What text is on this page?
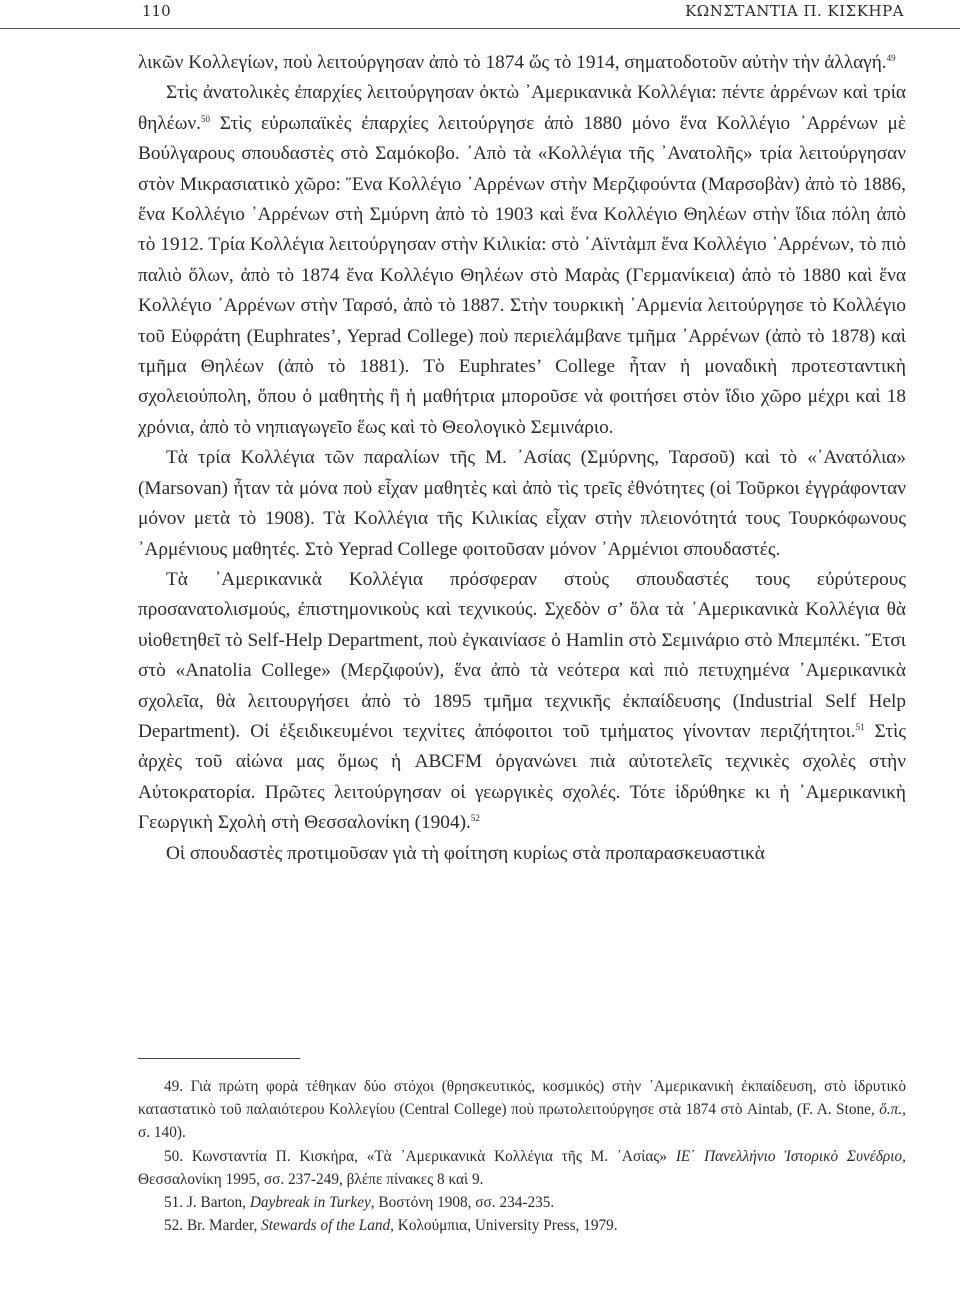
110	ΚΩΝΣΤΑΝΤΙΑ Π. ΚΙΣΚΗΡΑ

λικῶν Κολλεγίων, ποὺ λειτούργησαν ἀπὸ τὸ 1874 ὥς τὸ 1914, σηματοδοτοῦν αὐτὴν τὴν ἀλλαγή.$^{49}$

Στὶς ἀνατολικὲς ἐπαρχίες λειτούργησαν ὀκτὼ ᾿Αμερικανικὰ Κολλέγια: πέντε ἀρρένων καὶ τρία θηλέων.$^{50}$ Στὶς εὐρωπαϊκὲς ἐπαρχίες λειτούργησε ἀπὸ 1880 μόνο ἕνα Κολλέγιο ᾿Αρρένων μὲ Βούλγαρους σπουδαστὲς στὸ Σαμόκοβο. ᾿Απὸ τὰ «Κολλέγια τῆς ᾿Ανατολῆς» τρία λειτούργησαν στὸν Μικρασιατικὸ χῶρο: Ἕνα Κολλέγιο ᾿Αρρένων στὴν Μερζιφούντα (Μαρσοβὰν) ἀπὸ τὸ 1886, ἕνα Κολλέγιο ᾿Αρρένων στὴ Σμύρνη ἀπὸ τὸ 1903 καὶ ἕνα Κολλέγιο Θηλέων στὴν ἴδια πόλη ἀπὸ τὸ 1912. Τρία Κολλέγια λειτούργησαν στὴν Κιλικία: στὸ ᾿Αϊντὰμπ ἕνα Κολλέγιο ᾿Αρρένων, τὸ πιὸ παλιὸ ὅλων, ἀπὸ τὸ 1874 ἕνα Κολλέγιο Θηλέων στὸ Μαρὰς (Γερμανίκεια) ἀπὸ τὸ 1880 καὶ ἕνα Κολλέγιο ᾿Αρρένων στὴν Ταρσό, ἀπὸ τὸ 1887. Στὴν τουρκικὴ ᾿Αρμενία λειτούργησε τὸ Κολλέγιο τοῦ Εὐφράτη (Euphrates’, Yeprad College) ποὺ περιελάμβανε τμῆμα ᾿Αρρένων (ἀπὸ τὸ 1878) καὶ τμῆμα Θηλέων (ἀπὸ τὸ 1881). Τὸ Euphrates’ College ἦταν ἡ μοναδικὴ προτεσταντικὴ σχολειούπολη, ὅπου ὁ μαθητὴς ἢ ἡ μαθήτρια μποροῦσε νὰ φοιτήσει στὸν ἴδιο χῶρο μέχρι καὶ 18 χρόνια, ἀπὸ τὸ νηπιαγωγεῖο ἕως καὶ τὸ Θεολογικὸ Σεμινάριο.

Τὰ τρία Κολλέγια τῶν παραλίων τῆς Μ. ᾿Ασίας (Σμύρνης, Ταρσοῦ) καὶ τὸ «᾿Ανατόλια» (Marsovan) ἦταν τὰ μόνα ποὺ εἶχαν μαθητὲς καὶ ἀπὸ τὶς τρεῖς ἐθνότητες (οἱ Τοῦρκοι ἐγγράφονταν μόνον μετὰ τὸ 1908). Τὰ Κολλέγια τῆς Κιλικίας εἶχαν στὴν πλειονότητά τους Τουρκόφωνους ᾿Αρμένιους μαθητές. Στὸ Yeprad College φοιτοῦσαν μόνον ᾿Αρμένιοι σπουδαστές.

Τὰ ᾿Αμερικανικὰ Κολλέγια πρόσφεραν στοὺς σπουδαστές τους εὐρύτερους προσανατολισμούς, ἐπιστημονικοὺς καὶ τεχνικούς. Σχεδὸν σ’ ὅλα τὰ ᾿Αμερικανικὰ Κολλέγια θὰ υἱοθετηθεῖ τὸ Self-Help Department, ποὺ ἐγκαινίασε ὁ Hamlin στὸ Σεμινάριο στὸ Μπεμπέκι. Ἔτσι στὸ «Anatolia College» (Μερζιφούν), ἕνα ἀπὸ τὰ νεότερα καὶ πιὸ πετυχημένα ᾿Αμερικανικὰ σχολεῖα, θὰ λειτουργήσει ἀπὸ τὸ 1895 τμῆμα τεχνικῆς ἐκπαίδευσης (Industrial Self Help Department). Οἱ ἐξειδικευμένοι τεχνίτες ἀπόφοιτοι τοῦ τμήματος γίνονταν περιζήτητοι.$^{51}$ Στὶς ἀρχὲς τοῦ αἰώνα μας ὅμως ἡ ABCFM ὀργανώνει πιὰ αὐτοτελεῖς τεχνικὲς σχολὲς στὴν Αὐτοκρατορία. Πρῶτες λειτούργησαν οἱ γεωργικὲς σχολές. Τότε ἱδρύθηκε κι ἡ ᾿Αμερικανικὴ Γεωργικὴ Σχολὴ στὴ Θεσσαλονίκη (1904).$^{52}$

Οἱ σπουδαστὲς προτιμοῦσαν γιὰ τὴ φοίτηση κυρίως στὰ προπαρασκευαστικὰ

49. Γιὰ πρώτη φορὰ τέθηκαν δύο στόχοι (θρησκευτικός, κοσμικός) στὴν ᾿Αμερικανικὴ ἐκπαίδευση, στὸ ἱδρυτικὸ καταστατικὸ τοῦ παλαιότερου Κολλεγίου (Central College) ποὺ πρωτολειτούργησε στὰ 1874 στὸ Aintab, (F. A. Stone, ὅ.π., σ. 140).

50. Κωνσταντία Π. Κισκήρα, «Τὰ ᾿Αμερικανικὰ Κολλέγια τῆς Μ. ᾿Ασίας» ΙΕ΄ Πανελλήνιο Ἱστορικὸ Συνέδριο, Θεσσαλονίκη 1995, σσ. 237-249, βλέπε πίνακες 8 καὶ 9.

51. J. Barton, Daybreak in Turkey, Βοστόνη 1908, σσ. 234-235.

52. Br. Marder, Stewards of the Land, Κολούμπια, University Press, 1979.
